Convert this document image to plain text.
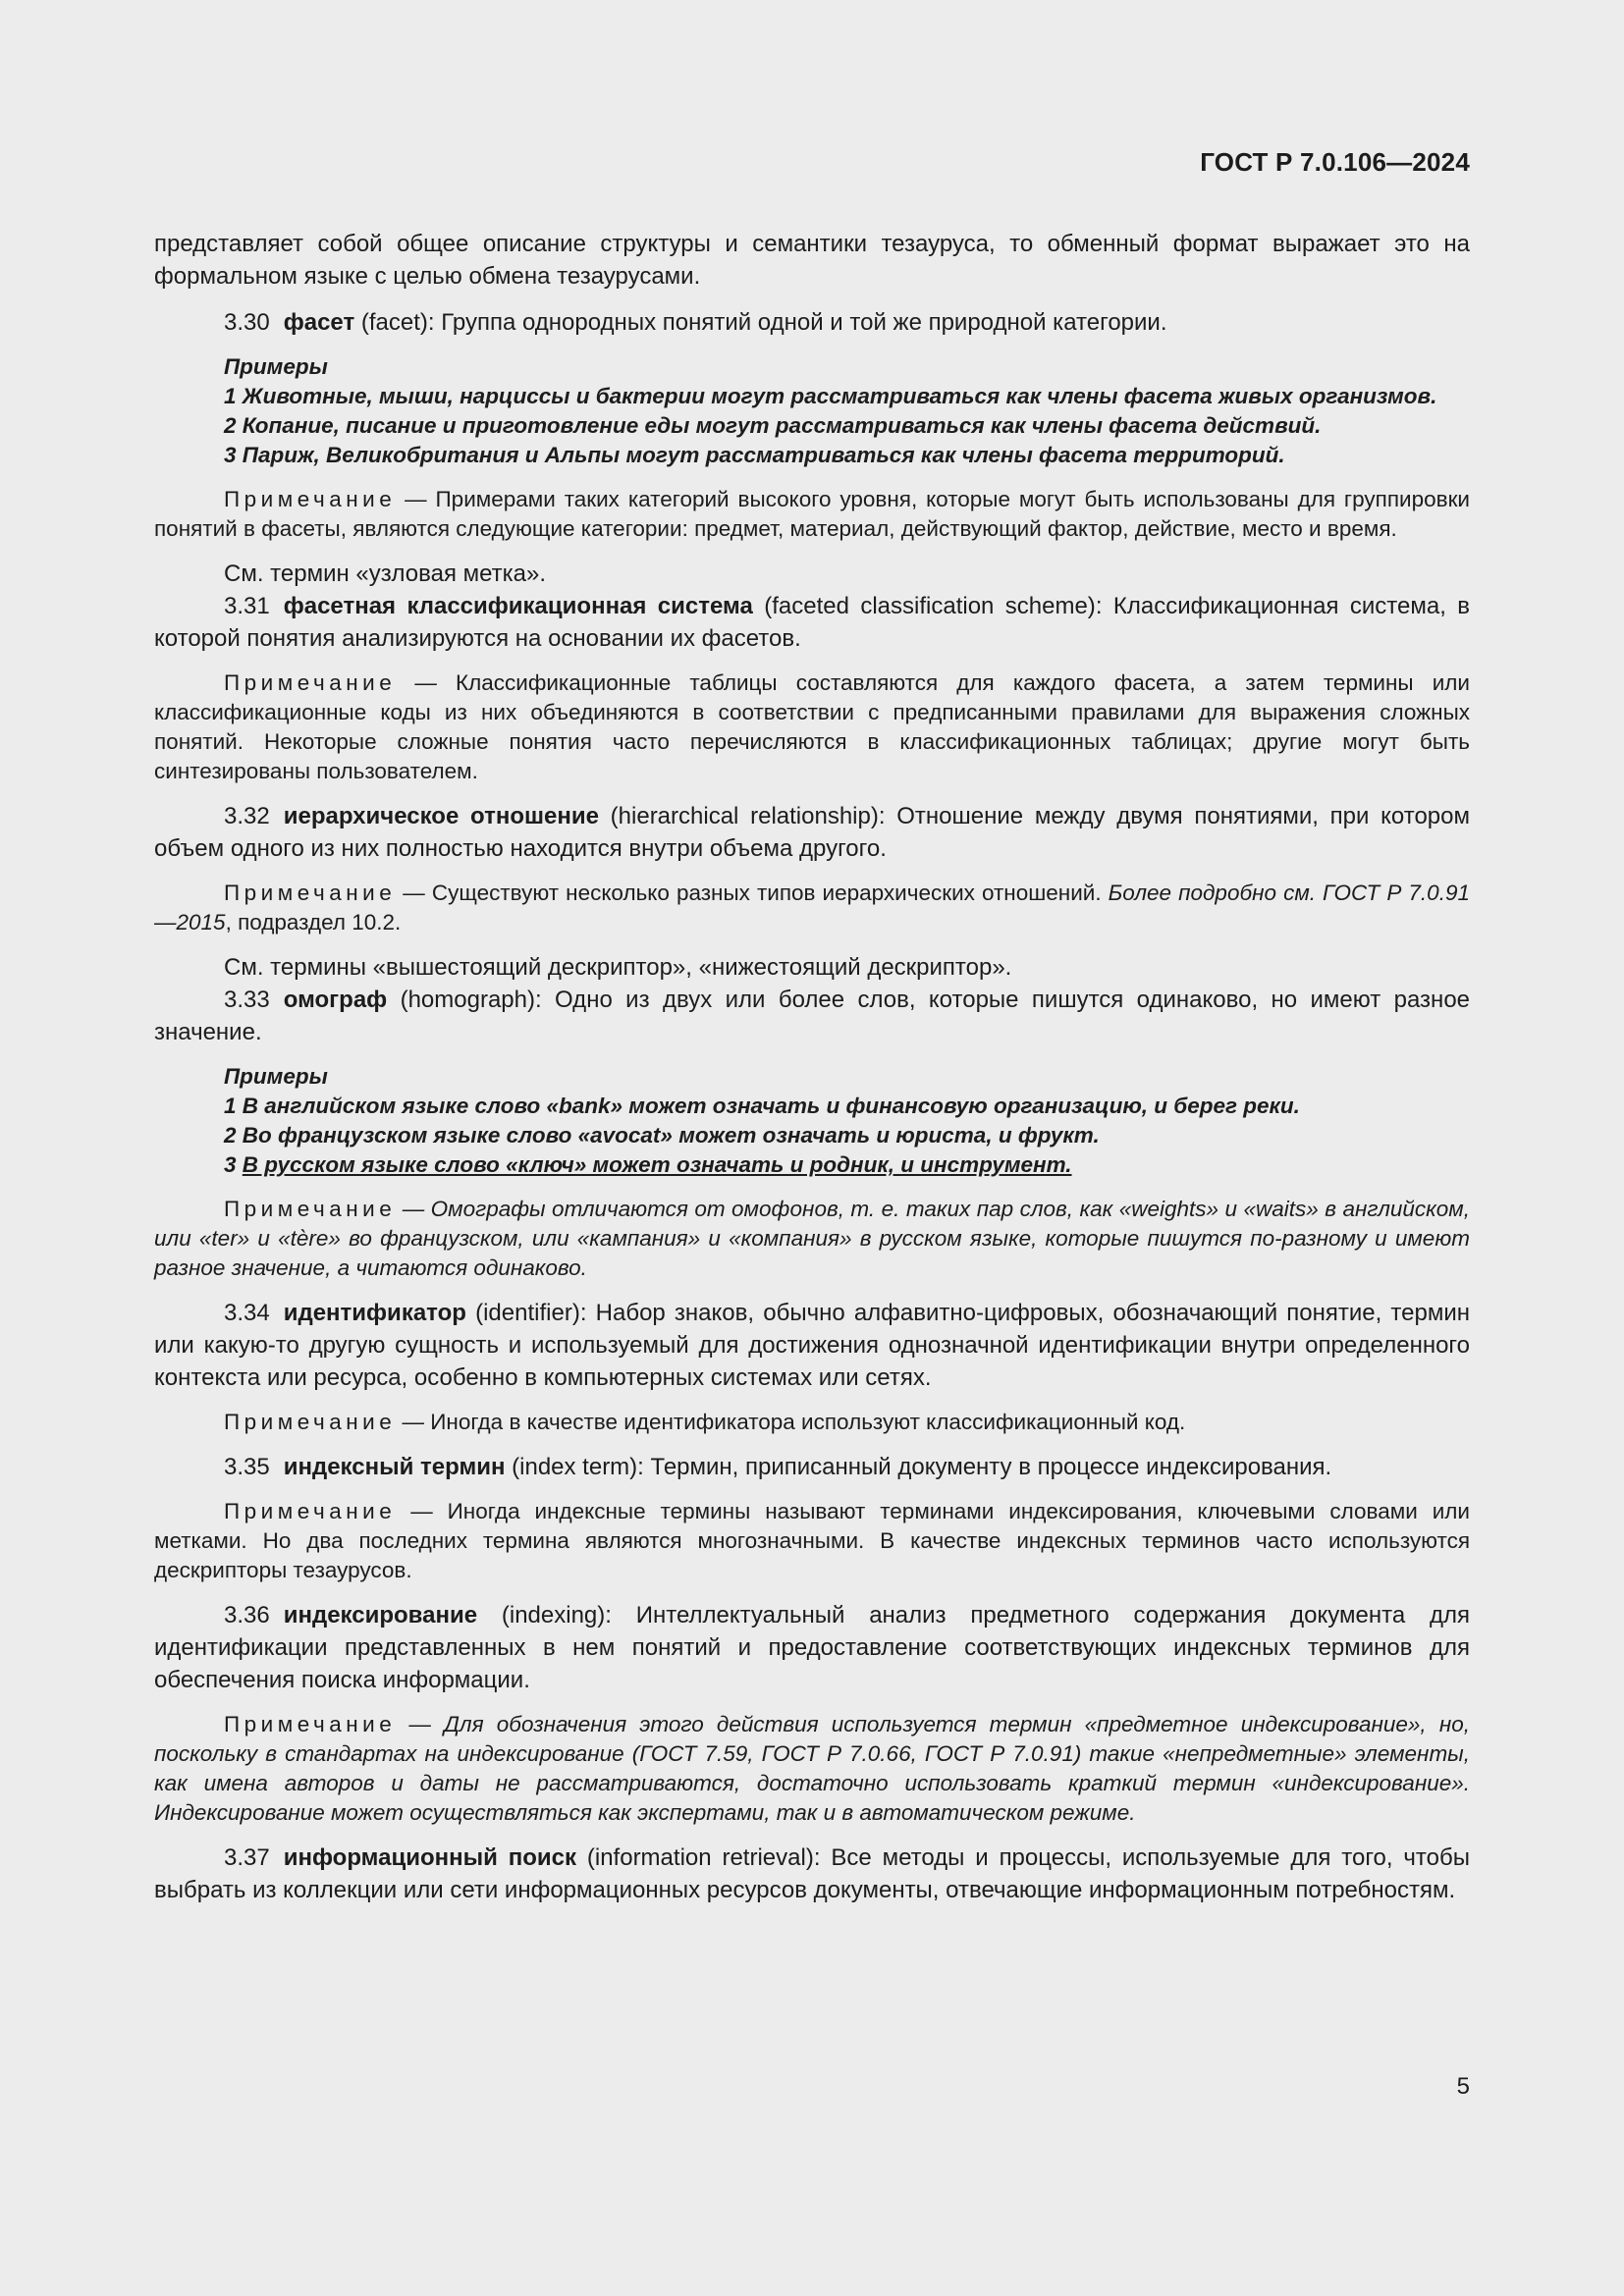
ГОСТ Р 7.0.106—2024

представляет собой общее описание структуры и семантики тезауруса, то обменный формат выражает это на формальном языке с целью обмена тезаурусами.

3.30 фасет (facet): Группа однородных понятий одной и той же природной категории.

Примеры

1 Животные, мыши, нарциссы и бактерии могут рассматриваться как члены фасета живых организмов.

2 Копание, писание и приготовление еды могут рассматриваться как члены фасета действий.

3 Париж, Великобритания и Альпы могут рассматриваться как члены фасета территорий.

Примечание — Примерами таких категорий высокого уровня, которые могут быть использованы для группировки понятий в фасеты, являются следующие категории: предмет, материал, действующий фактор, действие, место и время.

См. термин «узловая метка».

3.31 фасетная классификационная система (faceted classification scheme): Классификационная система, в которой понятия анализируются на основании их фасетов.

Примечание — Классификационные таблицы составляются для каждого фасета, а затем термины или классификационные коды из них объединяются в соответствии с предписанными правилами для выражения сложных понятий. Некоторые сложные понятия часто перечисляются в классификационных таблицах; другие могут быть синтезированы пользователем.

3.32 иерархическое отношение (hierarchical relationship): Отношение между двумя понятиями, при котором объем одного из них полностью находится внутри объема другого.

Примечание — Существуют несколько разных типов иерархических отношений. Более подробно см. ГОСТ Р 7.0.91—2015, подраздел 10.2.

См. термины «вышестоящий дескриптор», «нижестоящий дескриптор».

3.33 омограф (homograph): Одно из двух или более слов, которые пишутся одинаково, но имеют разное значение.

Примеры

1 В английском языке слово «bank» может означать и финансовую организацию, и берег реки.

2 Во французском языке слово «avocat» может означать и юриста, и фрукт.

3 В русском языке слово «ключ» может означать и родник, и инструмент.

Примечание — Омографы отличаются от омофонов, т. е. таких пар слов, как «weights» и «waits» в английском, или «ter» и «tère» во французском, или «кампания» и «компания» в русском языке, которые пишутся по-разному и имеют разное значение, а читаются одинаково.

3.34 идентификатор (identifier): Набор знаков, обычно алфавитно-цифровых, обозначающий понятие, термин или какую-то другую сущность и используемый для достижения однозначной идентификации внутри определенного контекста или ресурса, особенно в компьютерных системах или сетях.

Примечание — Иногда в качестве идентификатора используют классификационный код.

3.35 индексный термин (index term): Термин, приписанный документу в процессе индексирования.

Примечание — Иногда индексные термины называют терминами индексирования, ключевыми словами или метками. Но два последних термина являются многозначными. В качестве индексных терминов часто используются дескрипторы тезаурусов.

3.36 индексирование (indexing): Интеллектуальный анализ предметного содержания документа для идентификации представленных в нем понятий и предоставление соответствующих индексных терминов для обеспечения поиска информации.

Примечание — Для обозначения этого действия используется термин «предметное индексирование», но, поскольку в стандартах на индексирование (ГОСТ 7.59, ГОСТ Р 7.0.66, ГОСТ Р 7.0.91) такие «непредметные» элементы, как имена авторов и даты не рассматриваются, достаточно использовать краткий термин «индексирование». Индексирование может осуществляться как экспертами, так и в автоматическом режиме.

3.37 информационный поиск (information retrieval): Все методы и процессы, используемые для того, чтобы выбрать из коллекции или сети информационных ресурсов документы, отвечающие информационным потребностям.

5
